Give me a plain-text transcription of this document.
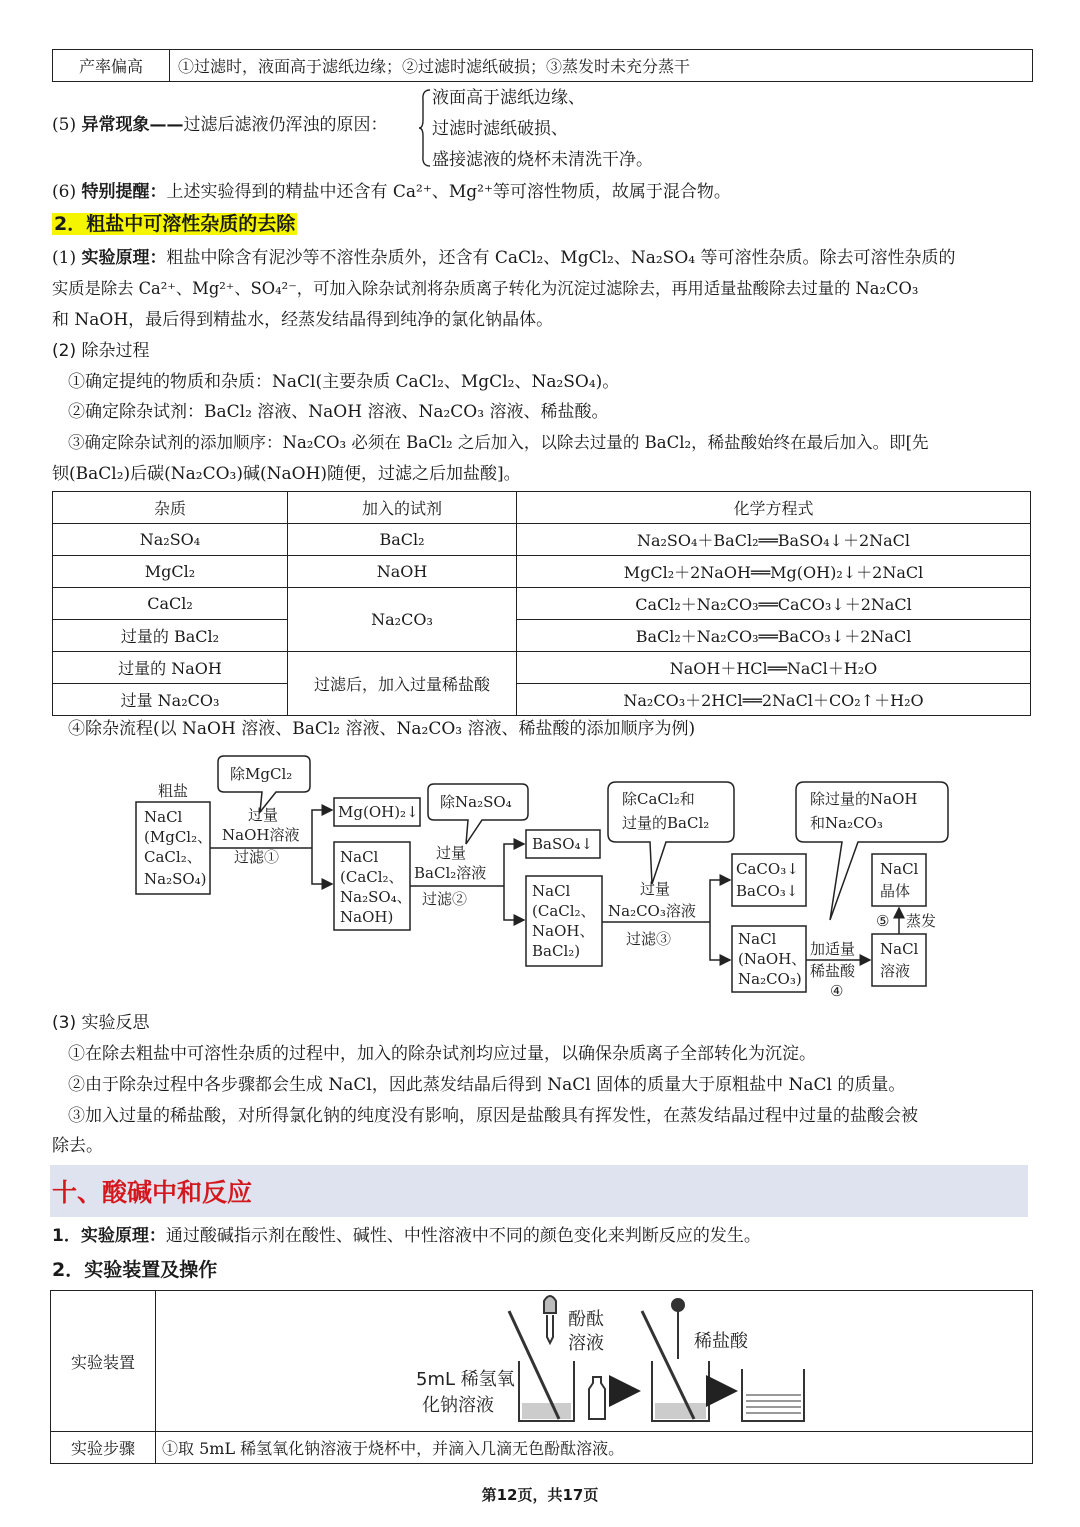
产率偏高	①过滤时，液面高于滤纸边缘；②过滤时滤纸破损；③蒸发时未充分蒸干
(5) 异常现象——过滤后滤液仍浑浊的原因：
液面高于滤纸边缘、
过滤时滤纸破损、
盛接滤液的烧杯未清洗干净。
(6) 特别提醒：上述实验得到的精盐中还含有 Ca²⁺、Mg²⁺等可溶性物质，故属于混合物。
2．粗盐中可溶性杂质的去除
(1) 实验原理：粗盐中除含有泥沙等不溶性杂质外，还含有 CaCl₂、MgCl₂、Na₂SO₄ 等可溶性杂质。除去可溶性杂质的
实质是除去 Ca²⁺、Mg²⁺、SO₄²⁻，可加入除杂试剂将杂质离子转化为沉淀过滤除去，再用适量盐酸除去过量的 Na₂CO₃
和 NaOH，最后得到精盐水，经蒸发结晶得到纯净的氯化钠晶体。
(2) 除杂过程
①确定提纯的物质和杂质：NaCl(主要杂质 CaCl₂、MgCl₂、Na₂SO₄)。
②确定除杂试剂：BaCl₂ 溶液、NaOH 溶液、Na₂CO₃ 溶液、稀盐酸。
③确定除杂试剂的添加顺序：Na₂CO₃ 必须在 BaCl₂ 之后加入，以除去过量的 BaCl₂，稀盐酸始终在最后加入。即[先
钡(BaCl₂)后碳(Na₂CO₃)碱(NaOH)随便，过滤之后加盐酸]。
杂质	加入的试剂	化学方程式
Na₂SO₄	BaCl₂	Na₂SO₄＋BaCl₂══BaSO₄↓＋2NaCl
MgCl₂	NaOH	MgCl₂＋2NaOH══Mg(OH)₂↓＋2NaCl
CaCl₂	Na₂CO₃	CaCl₂＋Na₂CO₃══CaCO₃↓＋2NaCl
过量的 BaCl₂		BaCl₂＋Na₂CO₃══BaCO₃↓＋2NaCl
过量的 NaOH	过滤后，加入过量稀盐酸	NaOH＋HCl══NaCl＋H₂O
过量 Na₂CO₃		Na₂CO₃＋2HCl══2NaCl＋CO₂↑＋H₂O
④除杂流程(以 NaOH 溶液、BaCl₂ 溶液、Na₂CO₃ 溶液、稀盐酸的添加顺序为例)
粗盐
NaCl
(MgCl₂、
CaCl₂、
Na₂SO₄)
除MgCl₂
过量
NaOH溶液
过滤①
Mg(OH)₂↓
NaCl
(CaCl₂、
Na₂SO₄、
NaOH)
除Na₂SO₄
过量
BaCl₂溶液
过滤②
BaSO₄↓
NaCl
(CaCl₂、
NaOH、
BaCl₂)
除CaCl₂和
过量的BaCl₂
过量
Na₂CO₃溶液
过滤③
CaCO₃↓
BaCO₃↓
NaCl
(NaOH、
Na₂CO₃)
除过量的NaOH
和Na₂CO₃
加适量
稀盐酸
④
⑤ 蒸发
NaCl
晶体
NaCl
溶液
(3) 实验反思
①在除去粗盐中可溶性杂质的过程中，加入的除杂试剂均应过量，以确保杂质离子全部转化为沉淀。
②由于除杂过程中各步骤都会生成 NaCl，因此蒸发结晶后得到 NaCl 固体的质量大于原粗盐中 NaCl 的质量。
③加入过量的稀盐酸，对所得氯化钠的纯度没有影响，原因是盐酸具有挥发性，在蒸发结晶过程中过量的盐酸会被
除去。
十、酸碱中和反应
1．实验原理：通过酸碱指示剂在酸性、碱性、中性溶液中不同的颜色变化来判断反应的发生。
2．实验装置及操作
实验装置	酚酞
溶液
5mL 稀氢氧
化钠溶液
稀盐酸

实验步骤	①取 5mL 稀氢氧化钠溶液于烧杯中，并滴入几滴无色酚酞溶液。
第12页，共17页
